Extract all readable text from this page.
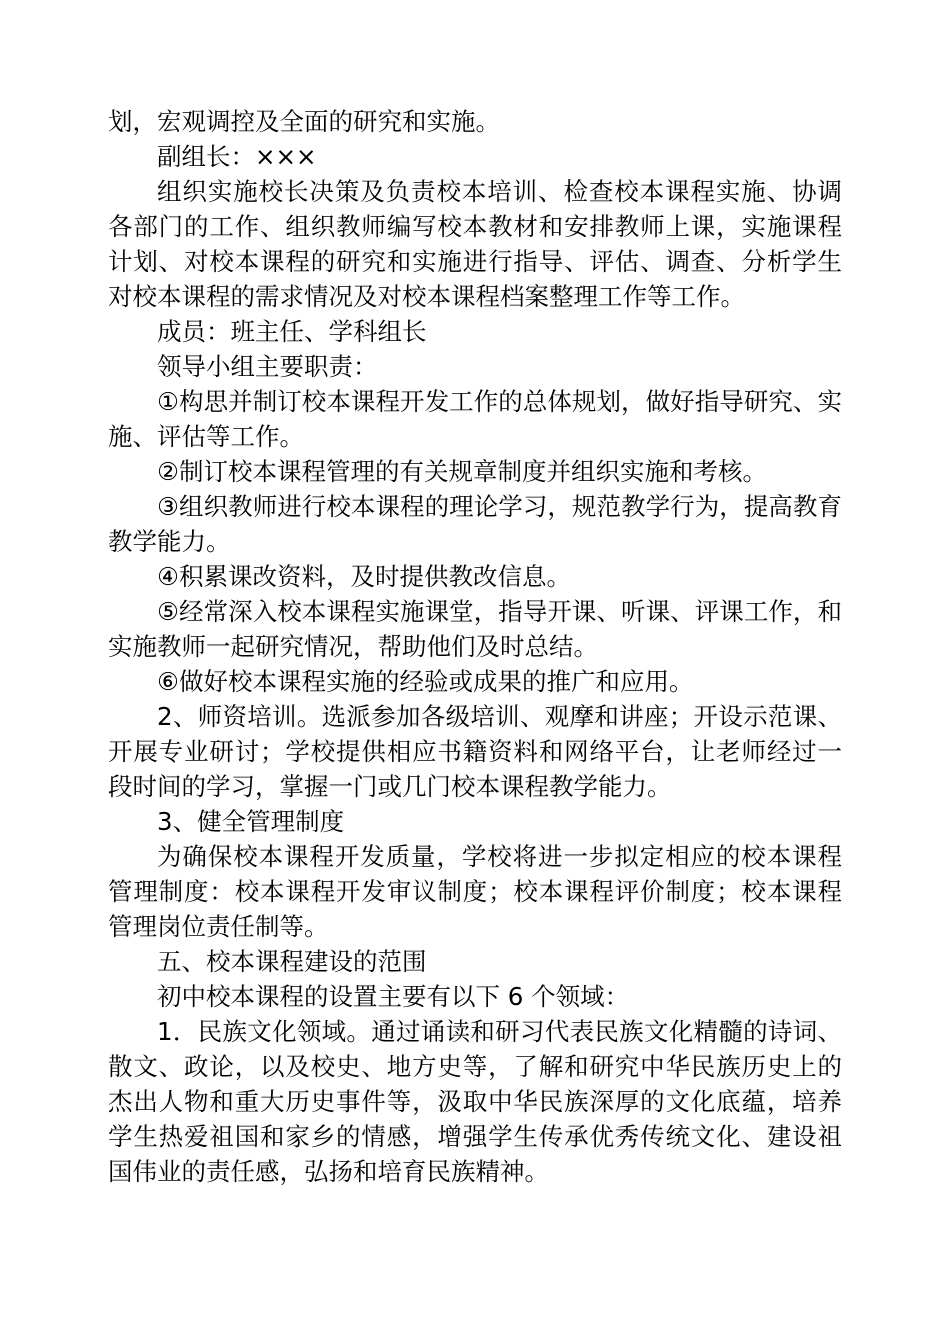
划，宏观调控及全面的研究和实施。

副组长：×××

组织实施校长决策及负责校本培训、检查校本课程实施、协调各部门的工作、组织教师编写校本教材和安排教师上课，实施课程计划、对校本课程的研究和实施进行指导、评估、调查、分析学生对校本课程的需求情况及对校本课程档案整理工作等工作。

成员：班主任、学科组长

领导小组主要职责：

①构思并制订校本课程开发工作的总体规划，做好指导研究、实施、评估等工作。

②制订校本课程管理的有关规章制度并组织实施和考核。

③组织教师进行校本课程的理论学习，规范教学行为，提高教育教学能力。

④积累课改资料，及时提供教改信息。

⑤经常深入校本课程实施课堂，指导开课、听课、评课工作，和实施教师一起研究情况，帮助他们及时总结。

⑥做好校本课程实施的经验或成果的推广和应用。

2、师资培训。选派参加各级培训、观摩和讲座；开设示范课、开展专业研讨；学校提供相应书籍资料和网络平台，让老师经过一段时间的学习，掌握一门或几门校本课程教学能力。

3、健全管理制度

为确保校本课程开发质量，学校将进一步拟定相应的校本课程管理制度：校本课程开发审议制度；校本课程评价制度；校本课程管理岗位责任制等。

五、校本课程建设的范围

初中校本课程的设置主要有以下 6 个领域：

1．民族文化领域。通过诵读和研习代表民族文化精髓的诗词、散文、政论，以及校史、地方史等，了解和研究中华民族历史上的杰出人物和重大历史事件等，汲取中华民族深厚的文化底蕴，培养学生热爱祖国和家乡的情感，增强学生传承优秀传统文化、建设祖国伟业的责任感，弘扬和培育民族精神。
